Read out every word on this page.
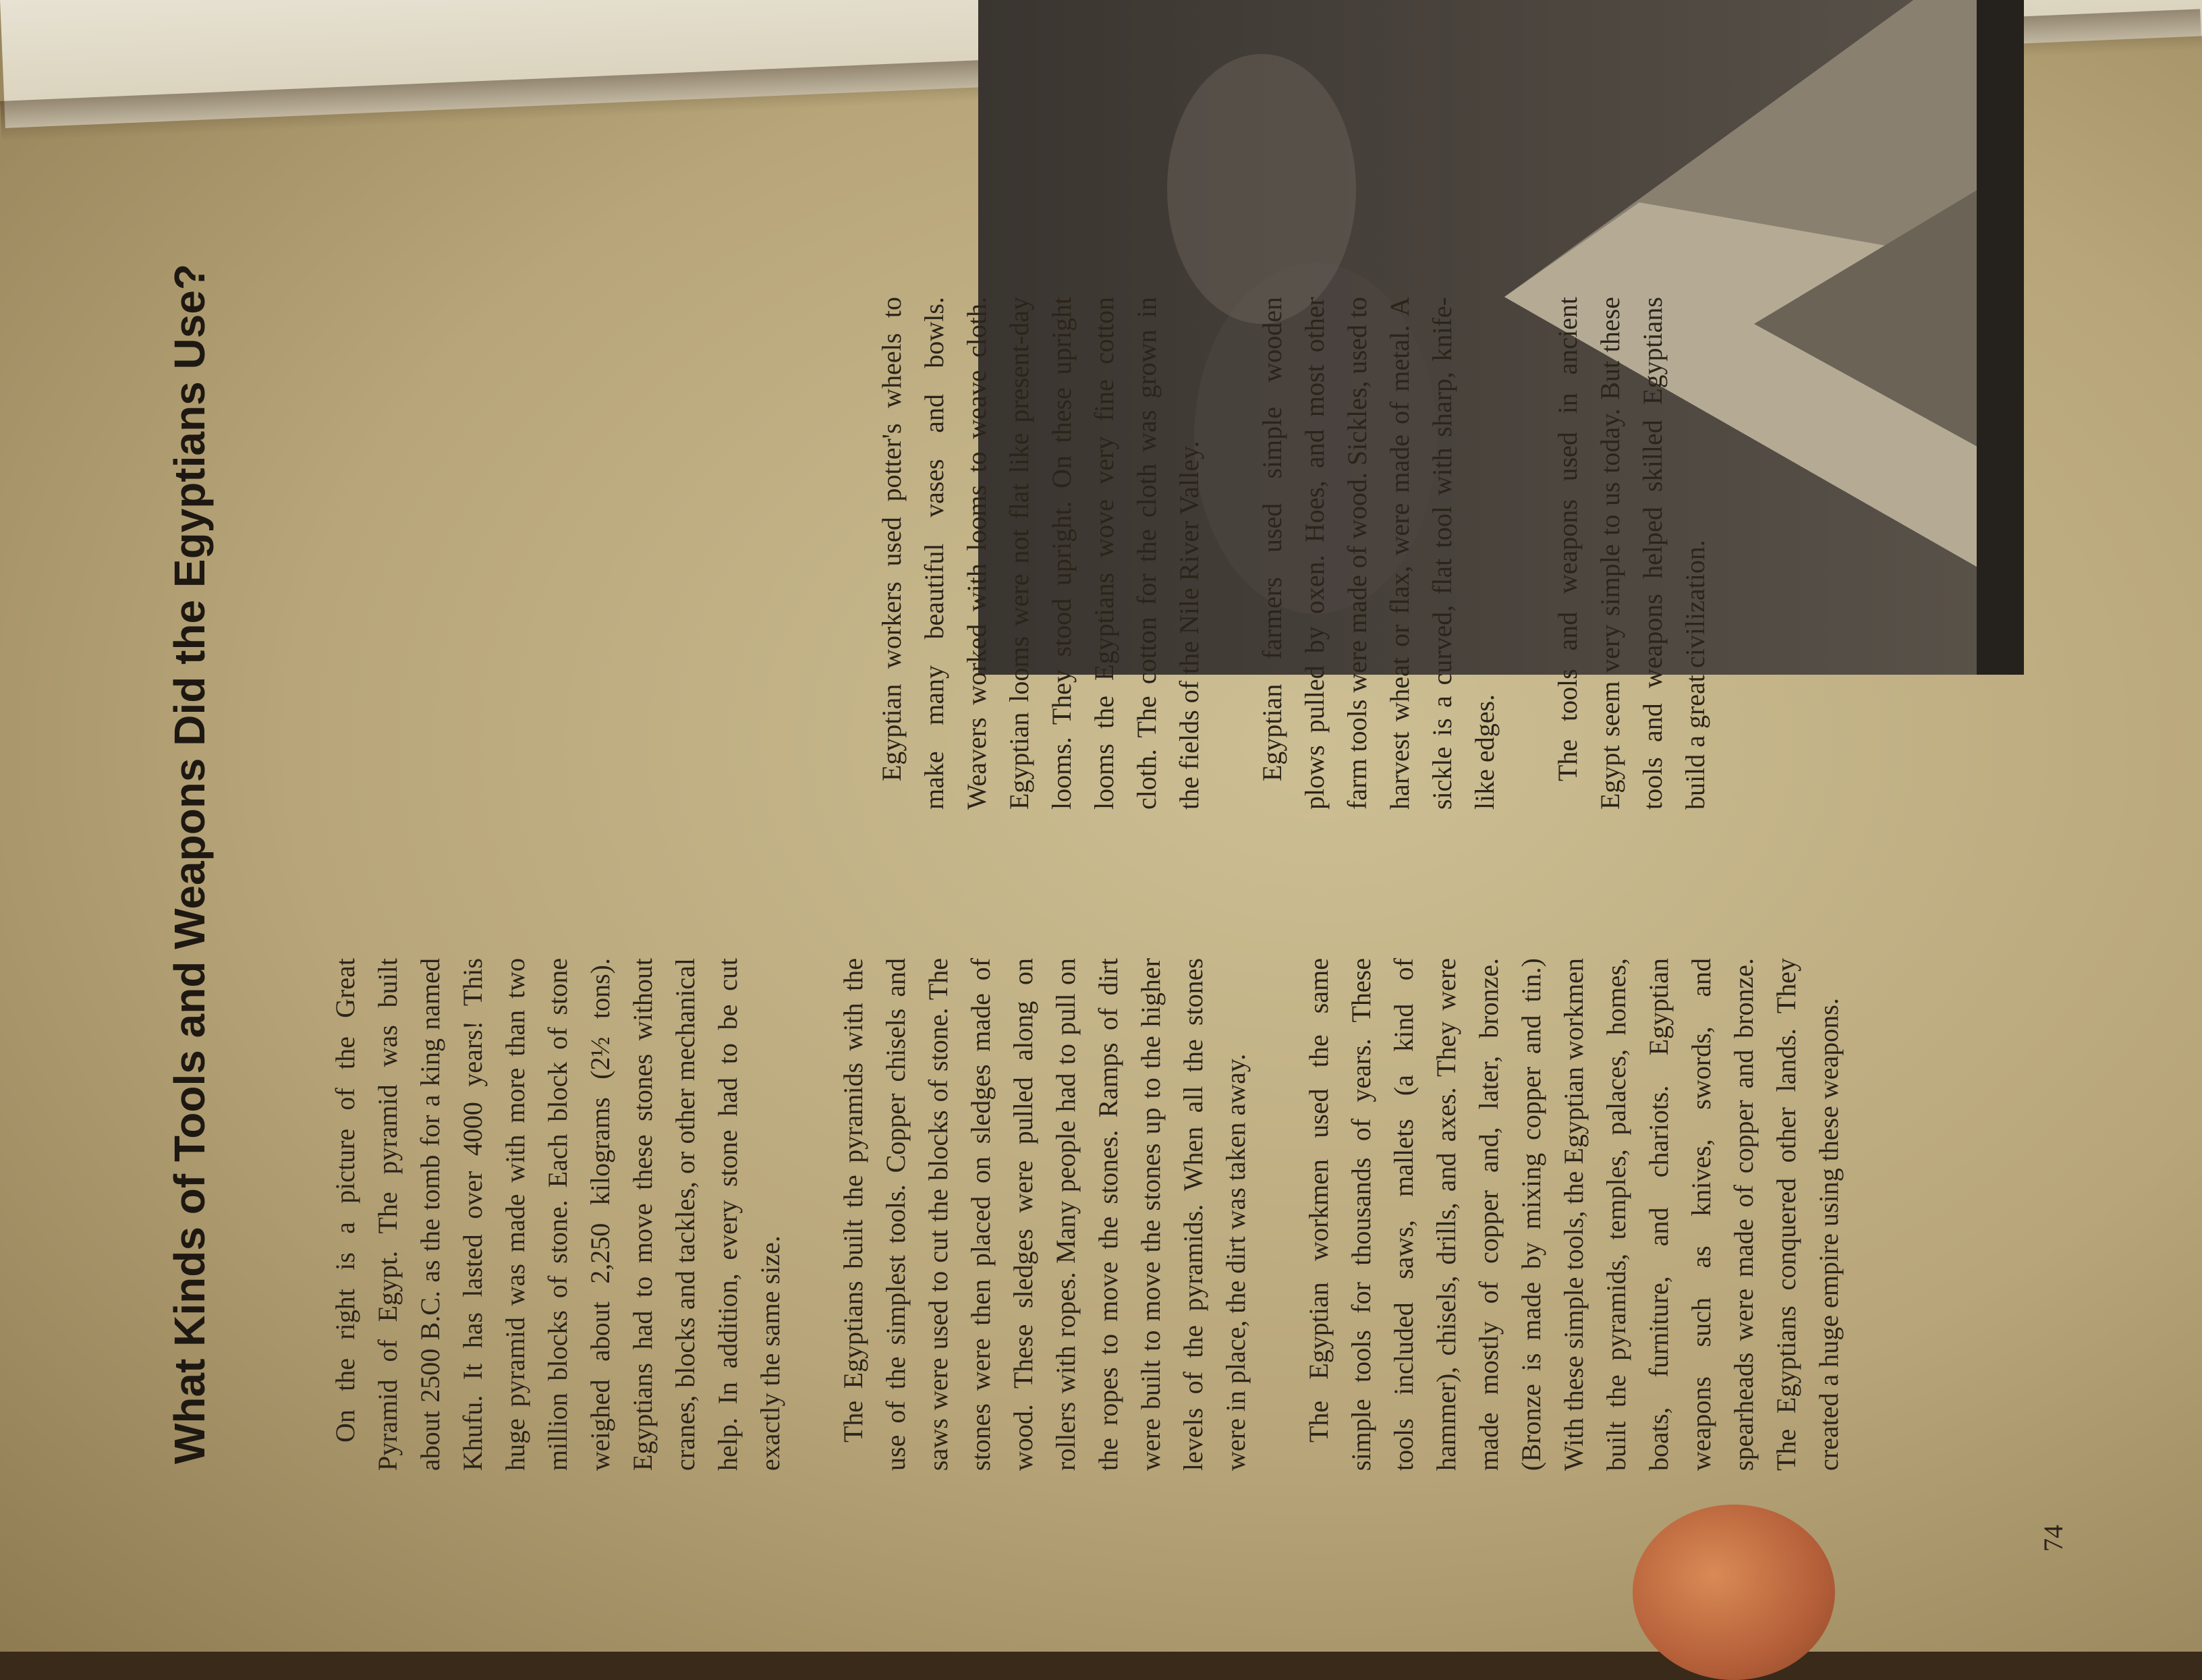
What Kinds of Tools and Weapons Did the Egyptians Use?	On the right is a picture of the Great Pyramid of Egypt. The pyramid was built about 2500 B.C. as the tomb for a king named Khufu. It has lasted over 4000 years! This huge pyramid was made with more than two million blocks of stone. Each block of stone weighed about 2,250 kilograms (2½ tons). Egyptians had to move these stones without cranes, blocks and tackles, or other mechanical help. In addition, every stone had to be cut exactly the same size. The Egyptians built the pyramids with the use of the simplest tools. Copper chisels and saws were used to cut the blocks of stone. The stones were then placed on sledges made of wood. These sledges were pulled along on rollers with ropes. Many people had to pull on the ropes to move the stones. Ramps of dirt were built to move the stones up to the higher levels of the pyramids. When all the stones were in place, the dirt was taken away. The Egyptian workmen used the same simple tools for thousands of years. These tools included saws, mallets (a kind of hammer), chisels, drills, and axes. They were made mostly of copper and, later, bronze. (Bronze is made by mixing copper and tin.) With these simple tools, the Egyptian workmen built the pyramids, temples, palaces, homes, boats, furniture, and chariots. Egyptian weapons such as knives, swords, and spearheads were made of copper and bronze. The Egyptians conquered other lands. They created a huge empire using these weapons.

Egyptian workers used potter's wheels to make many beautiful vases and bowls. Weavers worked with looms to weave cloth. Egyptian looms were not flat like present-day looms. They stood upright. On these upright looms the Egyptians wove very fine cotton cloth. The cotton for the cloth was grown in the fields of the Nile River Valley. Egyptian farmers used simple wooden plows pulled by oxen. Hoes, and most other farm tools were made of wood. Sickles, used to harvest wheat or flax, were made of metal. A sickle is a curved, flat tool with sharp, knife-like edges. The tools and weapons used in ancient Egypt seem very simple to us today. But these tools and weapons helped skilled Egyptians build a great civilization.

74
